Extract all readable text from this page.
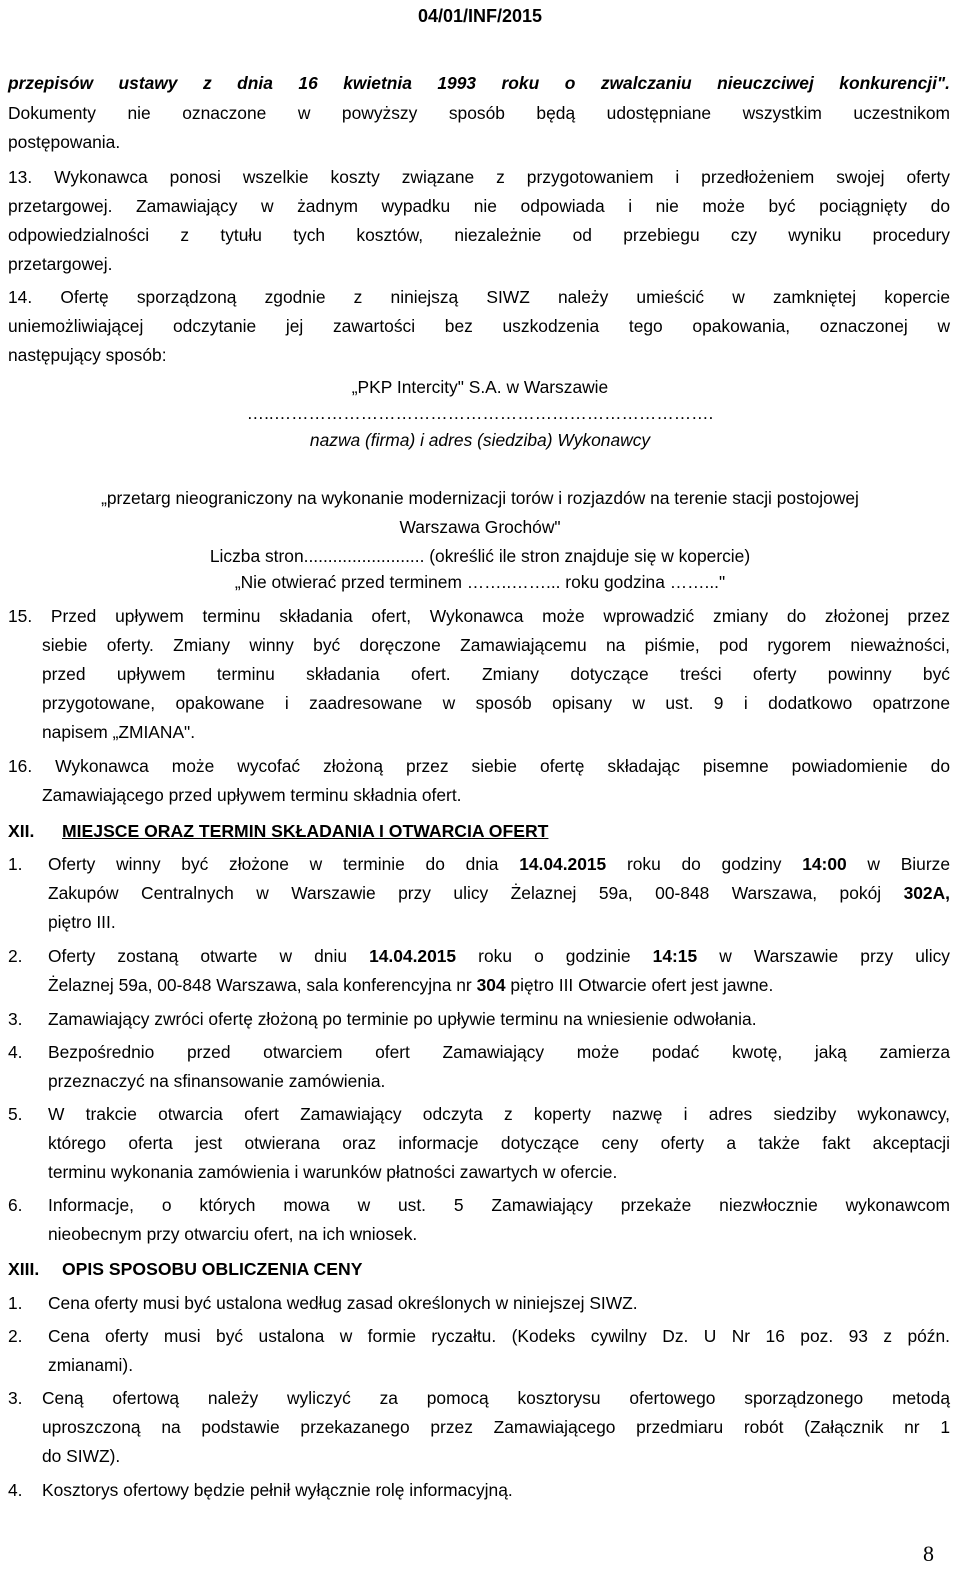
04/01/INF/2015
przepisów ustawy z dnia 16 kwietnia 1993 roku o zwalczaniu nieuczciwej konkurencji".
Dokumenty nie oznaczone w powyższy sposób będą udostępniane wszystkim uczestnikom
postępowania.
13. Wykonawca ponosi wszelkie koszty związane z przygotowaniem i przedłożeniem swojej oferty
przetargowej. Zamawiający w żadnym wypadku nie odpowiada i nie może być pociągnięty do
odpowiedzialności z tytułu tych kosztów, niezależnie od przebiegu czy wyniku procedury
przetargowej.
14. Ofertę sporządzoną zgodnie z niniejszą SIWZ należy umieścić w zamkniętej kopercie
uniemożliwiającej odczytanie jej zawartości bez uszkodzenia tego opakowania, oznaczonej w
następujący sposób:
„PKP Intercity" S.A. w Warszawie
…..………………………………………………………………….
nazwa (firma) i adres (siedziba) Wykonawcy
„przetarg nieograniczony na wykonanie modernizacji torów i rozjazdów na terenie stacji postojowej
Warszawa Grochów"
Liczba stron......................... (określić ile stron znajduje się w kopercie)
„Nie otwierać przed terminem ……..……... roku godzina ……..."
15. Przed upływem terminu składania ofert, Wykonawca może wprowadzić zmiany do złożonej przez
siebie oferty. Zmiany winny być doręczone Zamawiającemu na piśmie, pod rygorem nieważności,
przed upływem terminu składania ofert. Zmiany dotyczące treści oferty powinny być
przygotowane, opakowane i zaadresowane w sposób opisany w ust. 9 i dodatkowo opatrzone
napisem „ZMIANA".
16. Wykonawca może wycofać złożoną przez siebie ofertę składając pisemne powiadomienie do
Zamawiającego przed upływem terminu składnia ofert.
XII. MIEJSCE ORAZ TERMIN SKŁADANIA I OTWARCIA OFERT
1. Oferty winny być złożone w terminie do dnia 14.04.2015 roku do godziny 14:00 w Biurze
Zakupów Centralnych w Warszawie przy ulicy Żelaznej 59a, 00-848 Warszawa, pokój 302A,
piętro III.
2. Oferty zostaną otwarte w dniu 14.04.2015 roku o godzinie 14:15 w Warszawie przy ulicy
Żelaznej 59a, 00-848 Warszawa, sala konferencyjna nr 304 piętro III Otwarcie ofert jest jawne.
3. Zamawiający zwróci ofertę złożoną po terminie po upływie terminu na wniesienie odwołania.
4. Bezpośrednio przed otwarciem ofert Zamawiający może podać kwotę, jaką zamierza
przeznaczyć na sfinansowanie zamówienia.
5. W trakcie otwarcia ofert Zamawiający odczyta z koperty nazwę i adres siedziby wykonawcy,
którego oferta jest otwierana oraz informacje dotyczące ceny oferty a także fakt akceptacji
terminu wykonania zamówienia i warunków płatności zawartych w ofercie.
6. Informacje, o których mowa w ust. 5 Zamawiający przekaże niezwłocznie wykonawcom
nieobecnym przy otwarciu ofert, na ich wniosek.
XIII. OPIS SPOSOBU OBLICZENIA CENY
1. Cena oferty musi być ustalona według zasad określonych w niniejszej SIWZ.
2. Cena oferty musi być ustalona w formie ryczałtu. (Kodeks cywilny Dz. U Nr 16 poz. 93 z późn.
zmianami).
3. Ceną ofertową należy wyliczyć za pomocą kosztorysu ofertowego sporządzonego metodą
uproszczoną na podstawie przekazanego przez Zamawiającego przedmiaru robót (Załącznik nr 1
do SIWZ).
4. Kosztorys ofertowy będzie pełnił wyłącznie rolę informacyjną.
8
